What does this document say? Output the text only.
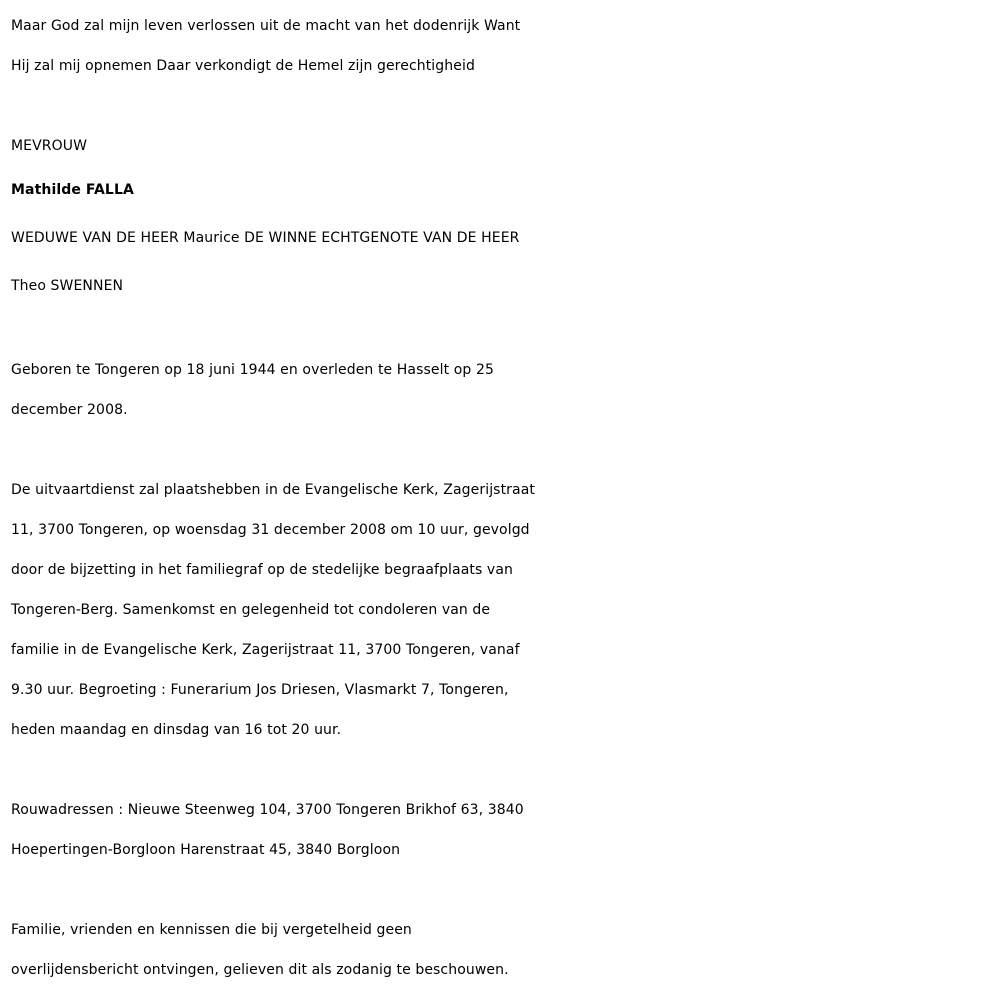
Maar God zal mijn leven verlossen uit de macht van het dodenrijk Want

Hij zal mij opnemen Daar verkondigt de Hemel zijn gerechtigheid

MEVROUW

Mathilde FALLA

WEDUWE VAN DE HEER Maurice DE WINNE ECHTGENOTE VAN DE HEER

Theo SWENNEN

Geboren te Tongeren op 18 juni 1944 en overleden te Hasselt op 25

december 2008.

De uitvaartdienst zal plaatshebben in de Evangelische Kerk, Zagerijstraat

11, 3700 Tongeren, op woensdag 31 december 2008 om 10 uur, gevolgd

door de bijzetting in het familiegraf op de stedelijke begraafplaats van

Tongeren-Berg. Samenkomst en gelegenheid tot condoleren van de

familie in de Evangelische Kerk, Zagerijstraat 11, 3700 Tongeren, vanaf

9.30 uur. Begroeting : Funerarium Jos Driesen, Vlasmarkt 7, Tongeren,

heden maandag en dinsdag van 16 tot 20 uur.

Rouwadressen : Nieuwe Steenweg 104, 3700 Tongeren Brikhof 63, 3840

Hoepertingen-Borgloon Harenstraat 45, 3840 Borgloon

Familie, vrienden en kennissen die bij vergetelheid geen

overlijdensbericht ontvingen, gelieven dit als zodanig te beschouwen.
